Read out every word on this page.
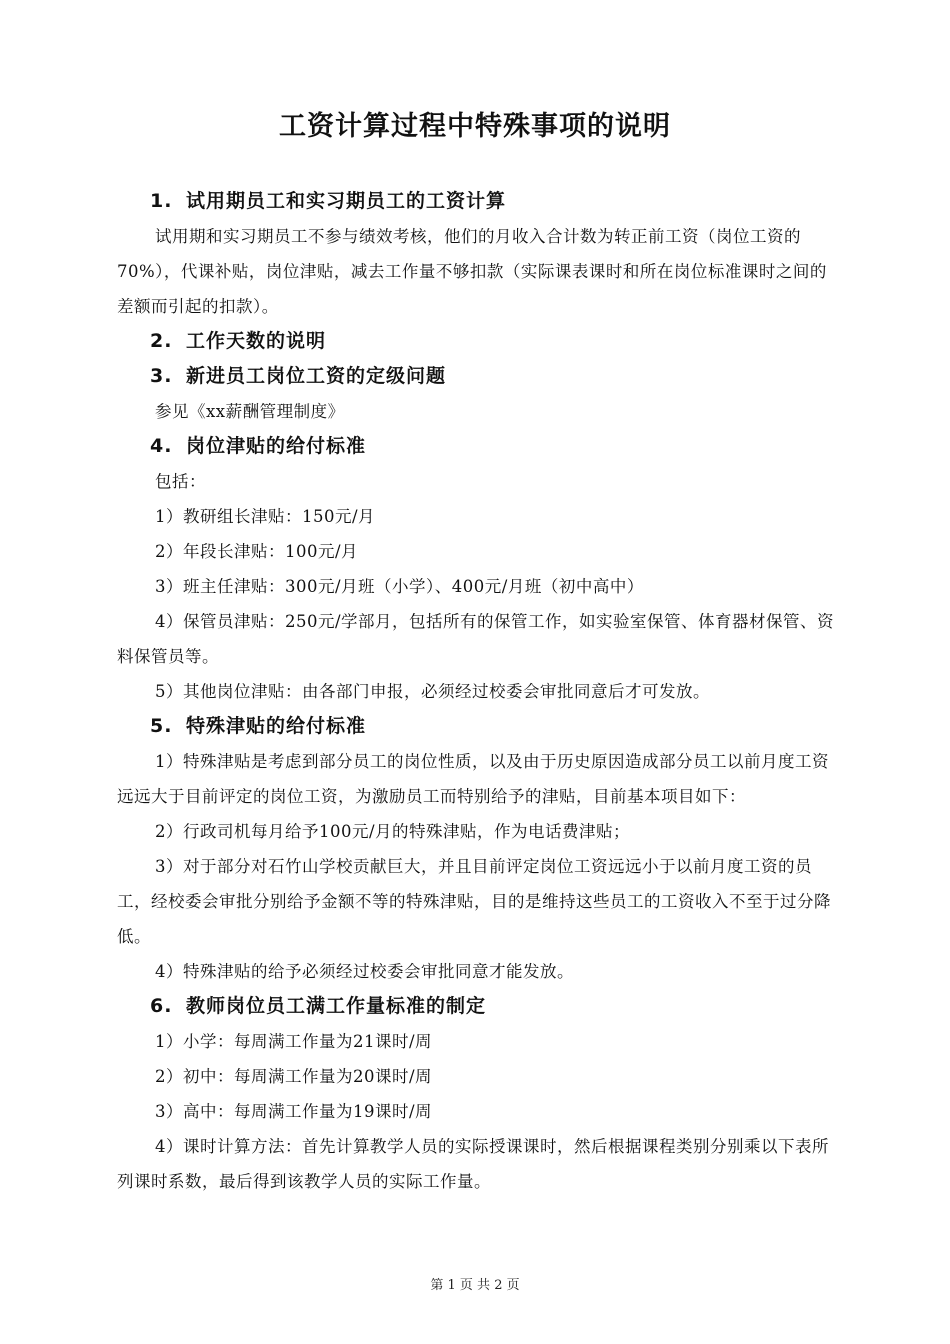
工资计算过程中特殊事项的说明
1. 试用期员工和实习期员工的工资计算
试用期和实习期员工不参与绩效考核，他们的月收入合计数为转正前工资（岗位工资的70%），代课补贴，岗位津贴，减去工作量不够扣款（实际课表课时和所在岗位标准课时之间的差额而引起的扣款）。
2. 工作天数的说明
3. 新进员工岗位工资的定级问题
参见《xx薪酬管理制度》
4. 岗位津贴的给付标准
包括：
1）教研组长津贴：150元/月
2）年段长津贴：100元/月
3）班主任津贴：300元/月班（小学）、400元/月班（初中高中）
4）保管员津贴：250元/学部月，包括所有的保管工作，如实验室保管、体育器材保管、资料保管员等。
5）其他岗位津贴：由各部门申报，必须经过校委会审批同意后才可发放。
5. 特殊津贴的给付标准
1）特殊津贴是考虑到部分员工的岗位性质，以及由于历史原因造成部分员工以前月度工资远远大于目前评定的岗位工资，为激励员工而特别给予的津贴，目前基本项目如下：
2）行政司机每月给予100元/月的特殊津贴，作为电话费津贴；
3）对于部分对石竹山学校贡献巨大，并且目前评定岗位工资远远小于以前月度工资的员工，经校委会审批分别给予金额不等的特殊津贴，目的是维持这些员工的工资收入不至于过分降低。
4）特殊津贴的给予必须经过校委会审批同意才能发放。
6. 教师岗位员工满工作量标准的制定
1）小学：每周满工作量为21课时/周
2）初中：每周满工作量为20课时/周
3）高中：每周满工作量为19课时/周
4）课时计算方法：首先计算教学人员的实际授课课时，然后根据课程类别分别乘以下表所列课时系数，最后得到该教学人员的实际工作量。
第 1 页 共 2 页
